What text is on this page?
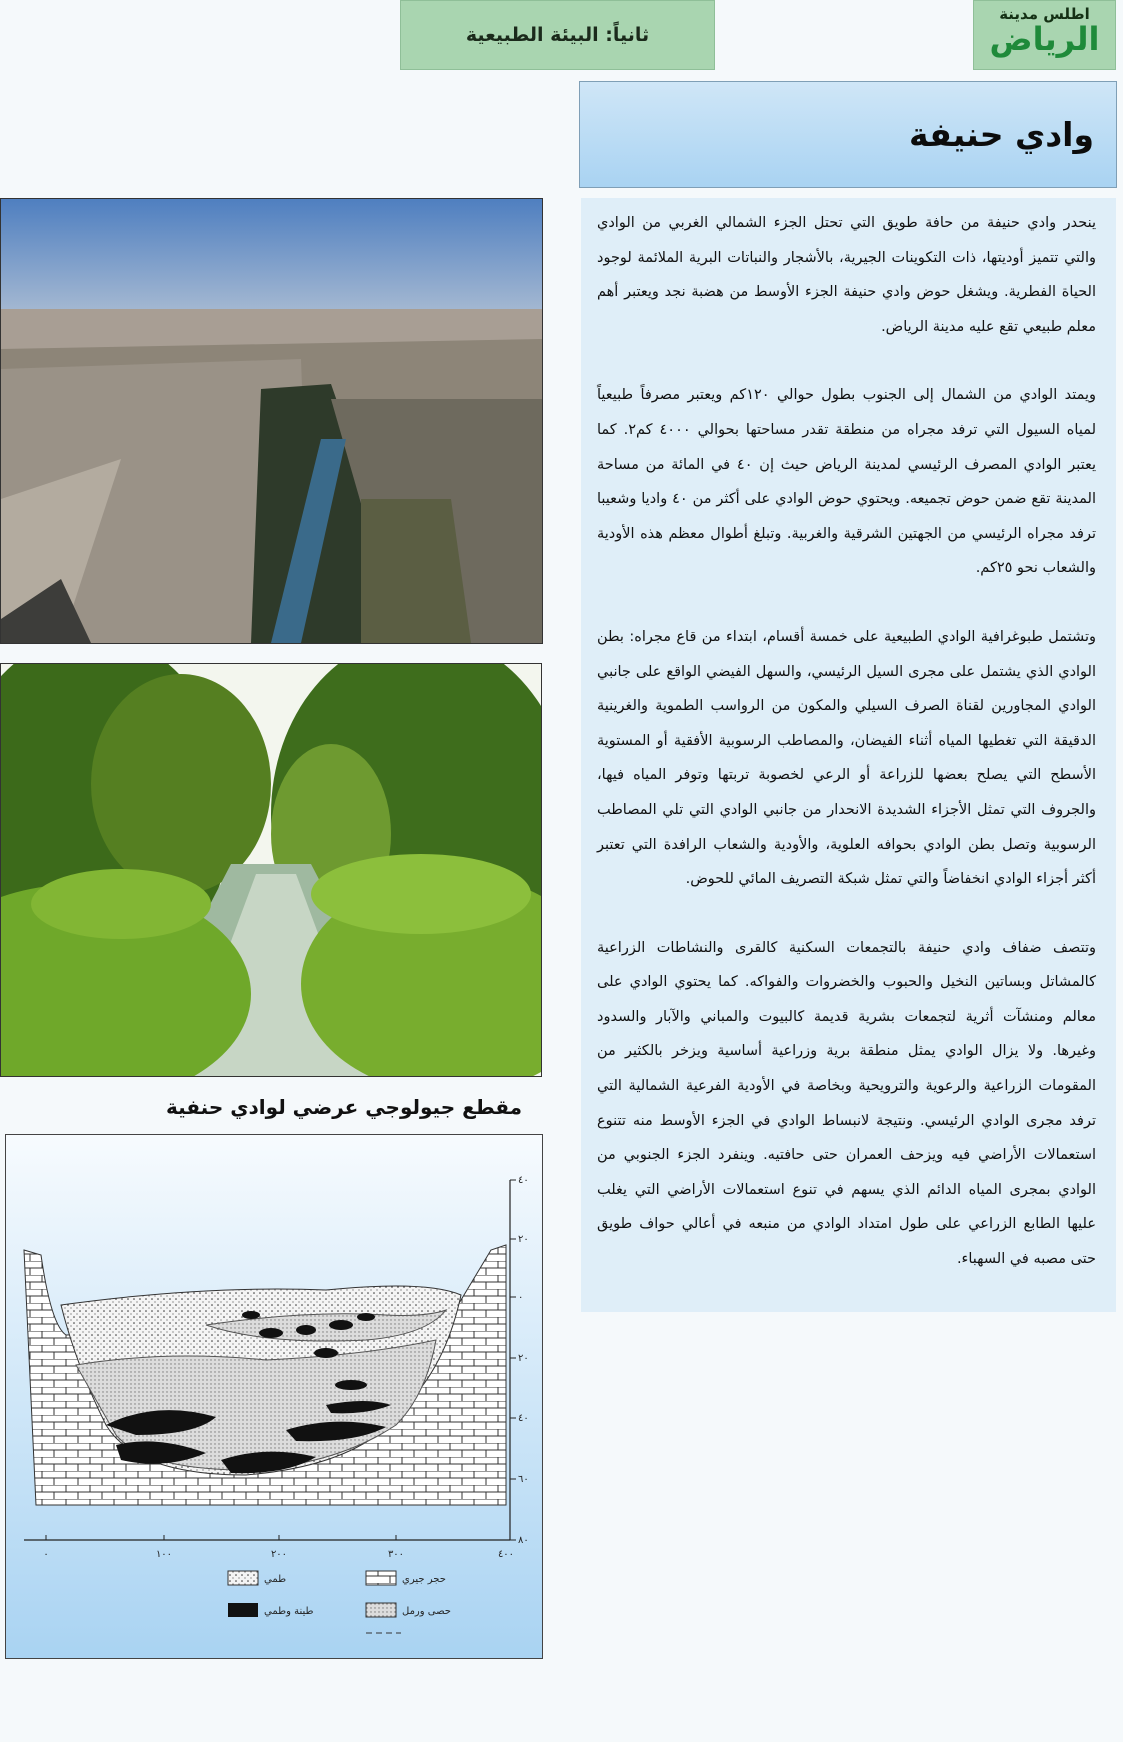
ثانياً: البيئة الطبيعية
اطلس مدينة
الرياض
وادي حنيفة

ينحدر وادي حنيفة من حافة طويق التي تحتل الجزء الشمالي الغربي من الوادي والتي تتميز أوديتها، ذات التكوينات الجيرية، بالأشجار والنباتات البرية الملائمة لوجود الحياة الفطرية. ويشغل حوض وادي حنيفة الجزء الأوسط من هضبة نجد ويعتبر أهم معلم طبيعي تقع عليه مدينة الرياض.

ويمتد الوادي من الشمال إلى الجنوب بطول حوالي ١٢٠كم ويعتبر مصرفاً طبيعياً لمياه السيول التي ترفد مجراه من منطقة تقدر مساحتها بحوالي ٤٠٠٠ كم٢. كما يعتبر الوادي المصرف الرئيسي لمدينة الرياض حيث إن ٤٠ في المائة من مساحة المدينة تقع ضمن حوض تجميعه. ويحتوي حوض الوادي على أكثر من ٤٠ واديا وشعيبا ترفد مجراه الرئيسي من الجهتين الشرقية والغربية. وتبلغ أطوال معظم هذه الأودية والشعاب نحو ٢٥كم.

وتشتمل طبوغرافية الوادي الطبيعية على خمسة أقسام، ابتداء من قاع مجراه: بطن الوادي الذي يشتمل على مجرى السيل الرئيسي، والسهل الفيضي الواقع على جانبي الوادي المجاورين لقناة الصرف السيلي والمكون من الرواسب الطموية والغرينية الدقيقة التي تغطيها المياه أثناء الفيضان، والمصاطب الرسوبية الأفقية أو المستوية الأسطح التي يصلح بعضها للزراعة أو الرعي لخصوبة تربتها وتوفر المياه فيها، والجروف التي تمثل الأجزاء الشديدة الانحدار من جانبي الوادي التي تلي المصاطب الرسوبية وتصل بطن الوادي بحوافه العلوية، والأودية والشعاب الرافدة التي تعتبر أكثر أجزاء الوادي انخفاضاً والتي تمثل شبكة التصريف المائي للحوض.

وتتصف ضفاف وادي حنيفة بالتجمعات السكنية كالقرى والنشاطات الزراعية كالمشاتل وبساتين النخيل والحبوب والخضروات والفواكه. كما يحتوي الوادي على معالم ومنشآت أثرية لتجمعات بشرية قديمة كالبيوت والمباني والآبار والسدود وغيرها. ولا يزال الوادي يمثل منطقة برية وزراعية أساسية ويزخر بالكثير من المقومات الزراعية والرعوية والترويحية وبخاصة في الأودية الفرعية الشمالية التي ترفد مجرى الوادي الرئيسي. ونتيجة لانبساط الوادي في الجزء الأوسط منه تتنوع استعمالات الأراضي فيه ويزحف العمران حتى حافتيه. وينفرد الجزء الجنوبي من الوادي بمجرى المياه الدائم الذي يسهم في تنوع استعمالات الأراضي التي يغلب عليها الطابع الزراعي على طول امتداد الوادي من منبعه في أعالي حواف طويق حتى مصبه في السهباء.

مقطع جيولوجي عرضي لوادي حنفية
٤٠
٢٠
٠
٢٠
٤٠
٦٠
٨٠
٠	١٠٠	٢٠٠	٣٠٠	٤٠٠
طمي	حجر جيري
طينة وطمي	حصى ورمل
